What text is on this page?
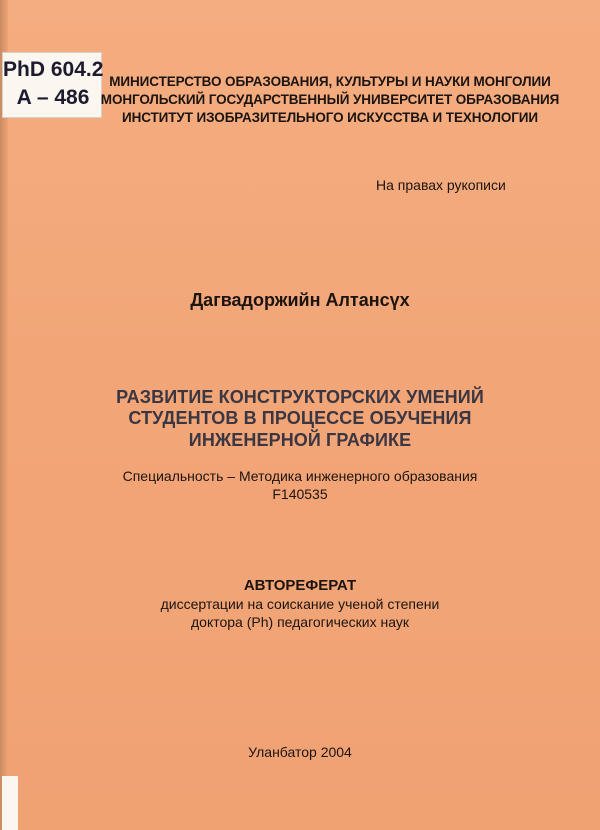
PhD 604.2
A – 486
МИНИСТЕРСТВО ОБРАЗОВАНИЯ, КУЛЬТУРЫ И НАУКИ МОНГОЛИИ
МОНГОЛЬСКИЙ ГОСУДАРСТВЕННЫЙ УНИВЕРСИТЕТ ОБРАЗОВАНИЯ
ИНСТИТУТ ИЗОБРАЗИТЕЛЬНОГО ИСКУССТВА И ТЕХНОЛОГИИ
На правах рукописи
Дагвадоржийн Алтансүх
РАЗВИТИЕ КОНСТРУКТОРСКИХ УМЕНИЙ
СТУДЕНТОВ В ПРОЦЕССЕ ОБУЧЕНИЯ
ИНЖЕНЕРНОЙ ГРАФИКЕ
Специальность – Методика инженерного образования
F140535
АВТОРЕФЕРАТ
диссертации на соискание ученой степени
доктора (Ph) педагогических наук
Уланбатор 2004
